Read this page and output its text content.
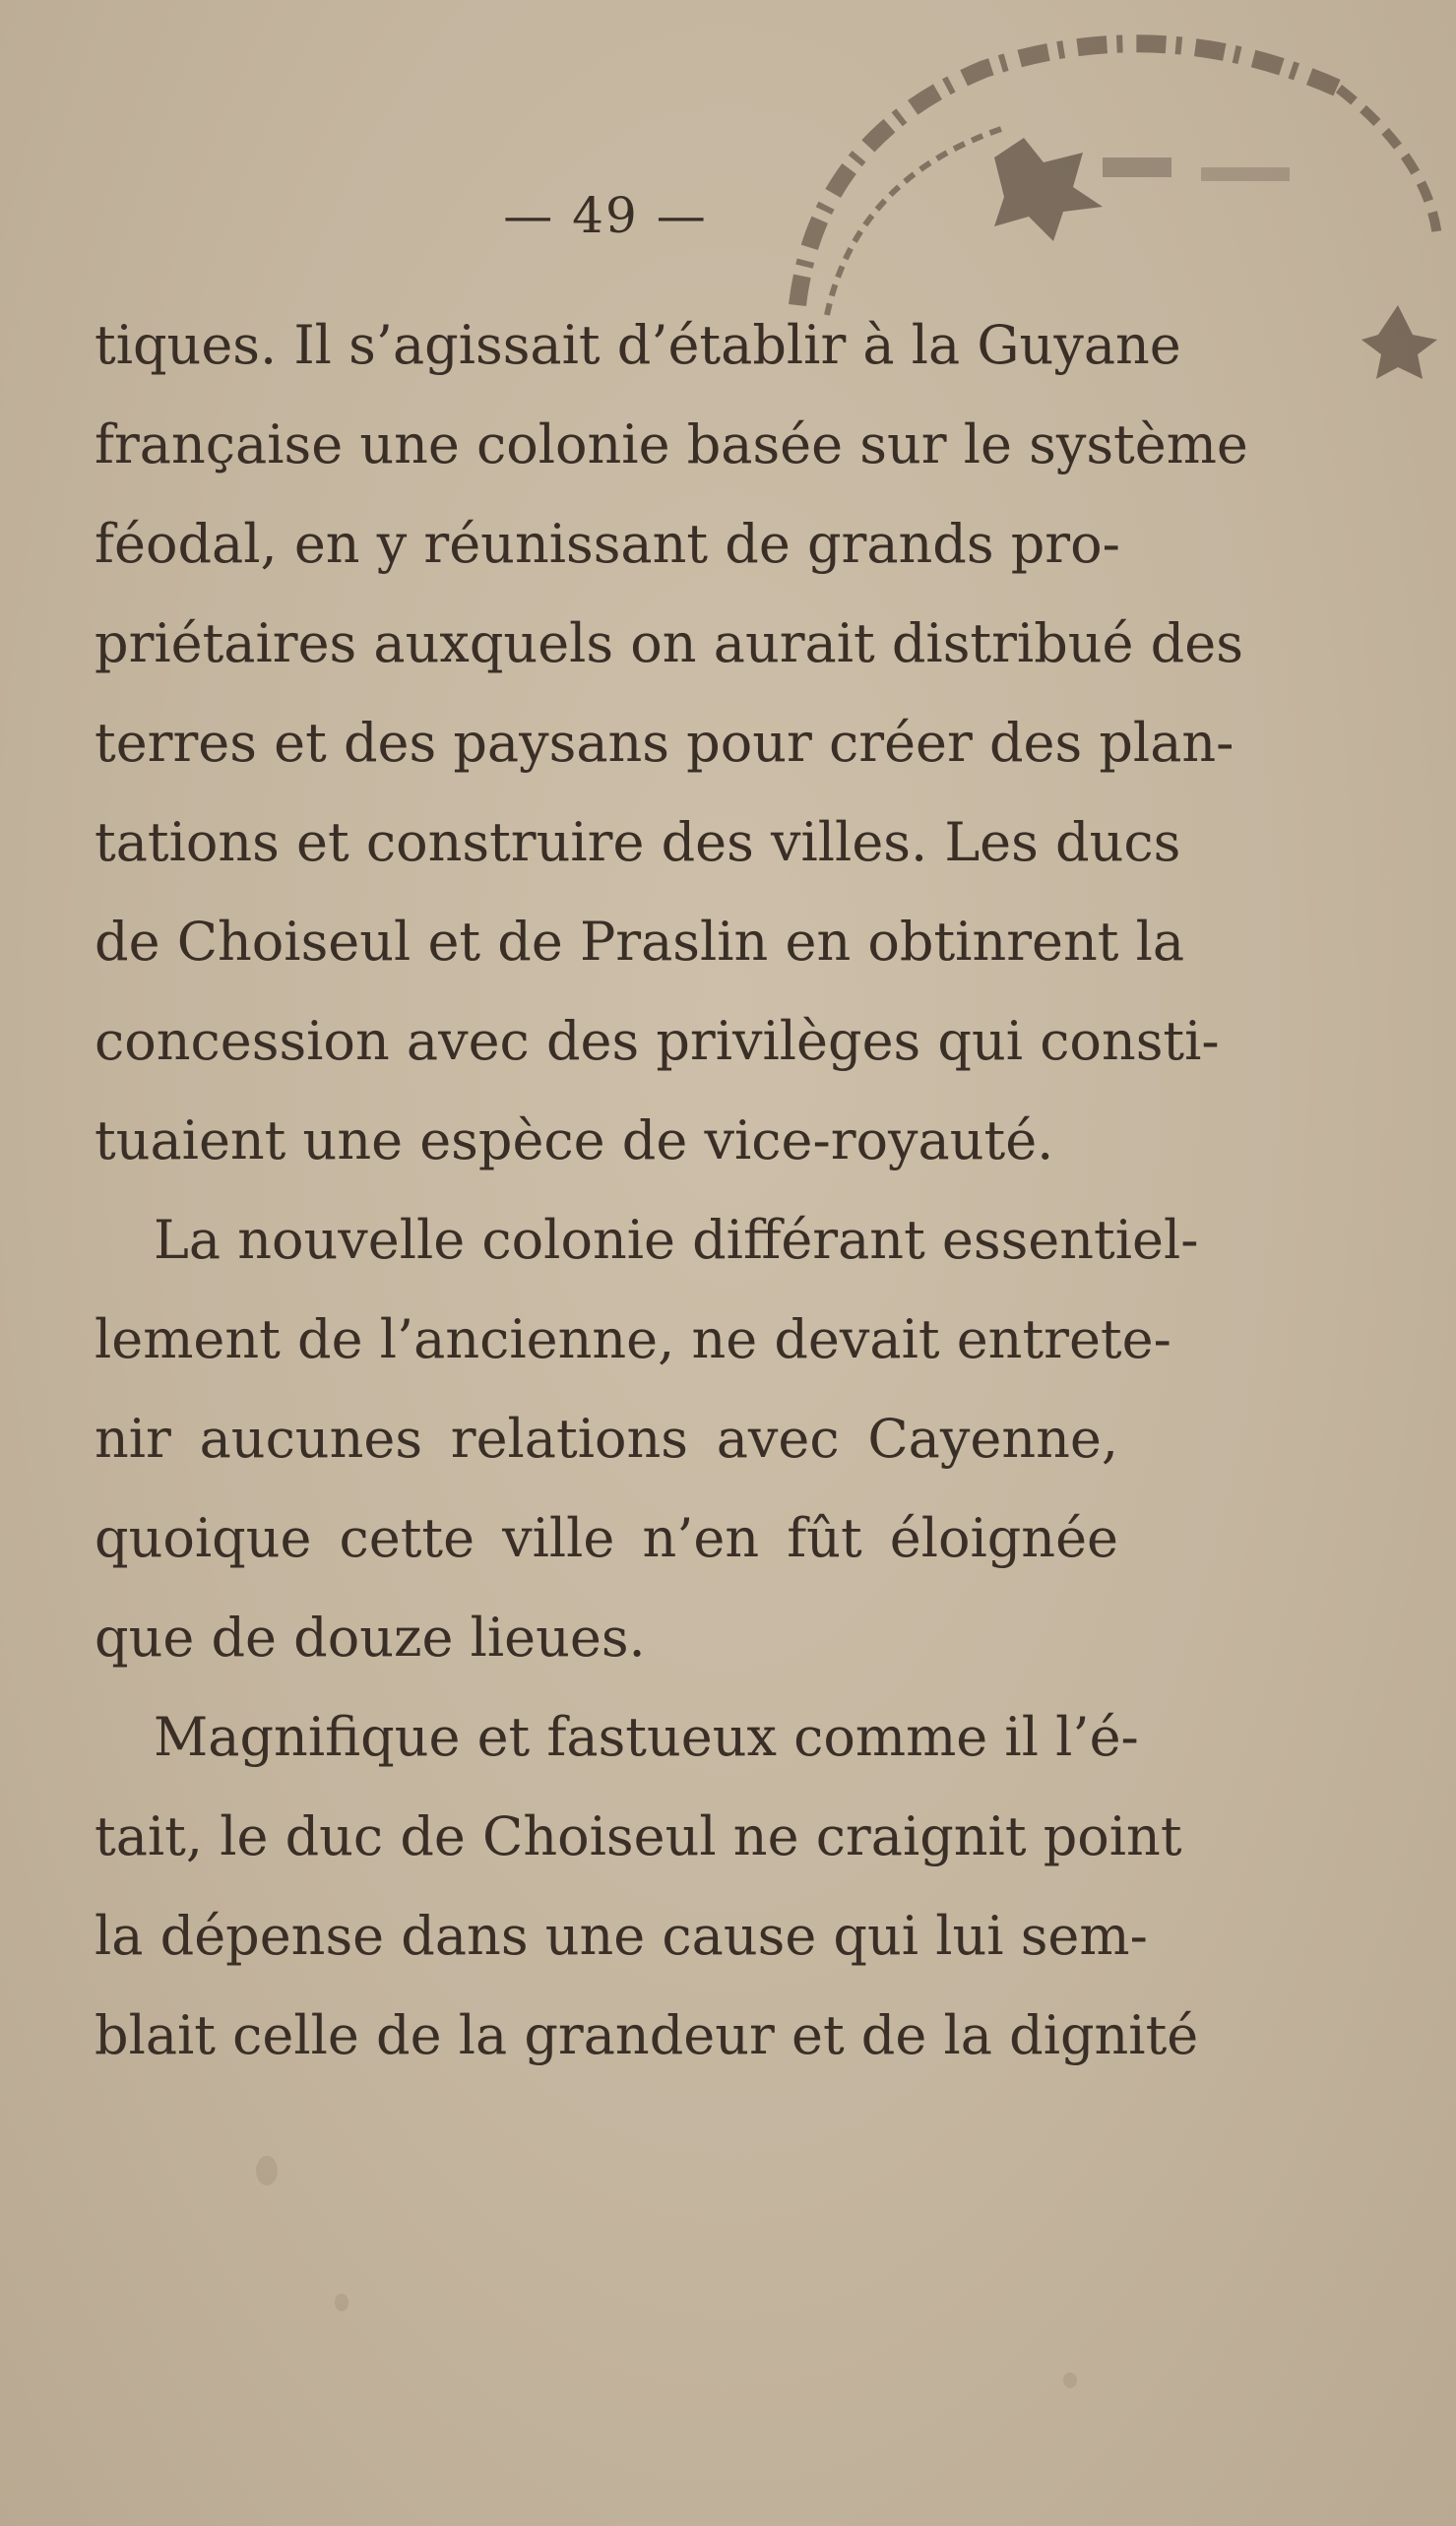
— 49 —
tiques. Il s’agissait d’établir à la Guyane
française une colonie basée sur le système
féodal, en y réunissant de grands pro-
priétaires auxquels on aurait distribué des
terres et des paysans pour créer des plan-
tations et construire des villes. Les ducs
de Choiseul et de Praslin en obtinrent la
concession avec des privilèges qui consti-
tuaient une espèce de vice-royauté.
La nouvelle colonie différant essentiel-
lement de l’ancienne, ne devait entrete-
nir aucunes relations avec Cayenne,
quoique cette ville n’en fût éloignée
que de douze lieues.
Magnifique et fastueux comme il l’é-
tait, le duc de Choiseul ne craignit point
la dépense dans une cause qui lui sem-
blait celle de la grandeur et de la dignité
